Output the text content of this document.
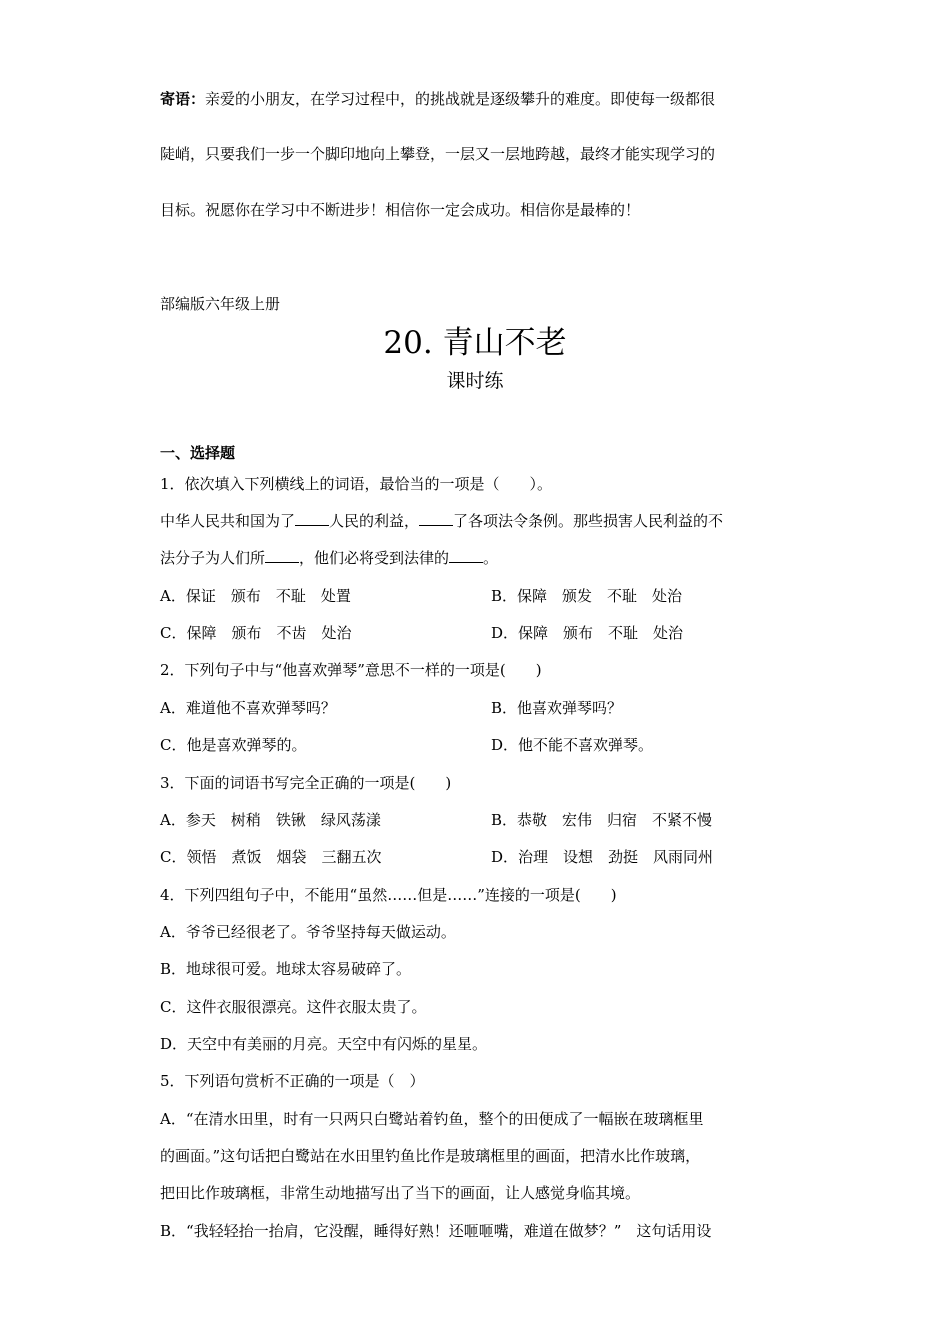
寄语：亲爱的小朋友，在学习过程中，的挑战就是逐级攀升的难度。即使每一级都很
陡峭，只要我们一步一个脚印地向上攀登，一层又一层地跨越，最终才能实现学习的
目标。祝愿你在学习中不断进步！相信你一定会成功。相信你是最棒的！
部编版六年级上册
20. 青山不老
课时练
一、选择题
1．依次填入下列横线上的词语，最恰当的一项是（　　）。
中华人民共和国为了 人民的利益， 了各项法令条例。那些损害人民利益的不
法分子为人们所 ，他们必将受到法律的 。
A．保证　颁布　不耻　处置	B．保障　颁发　不耻　处治
C．保障　颁布　不齿　处治	D．保障　颁布　不耻　处治
2．下列句子中与“他喜欢弹琴”意思不一样的一项是(　　)
A．难道他不喜欢弹琴吗？	B．他喜欢弹琴吗？
C．他是喜欢弹琴的。	D．他不能不喜欢弹琴。
3．下面的词语书写完全正确的一项是(　　)
A．参天　树稍　铁锹　绿风荡漾	B．恭敬　宏伟　归宿　不紧不慢
C．领悟　煮饭　烟袋　三翻五次	D．治理　设想　劲挺　风雨同州
4．下列四组句子中，不能用“虽然……但是……”连接的一项是(　　)
A．爷爷已经很老了。爷爷坚持每天做运动。
B．地球很可爱。地球太容易破碎了。
C．这件衣服很漂亮。这件衣服太贵了。
D．天空中有美丽的月亮。天空中有闪烁的星星。
5．下列语句赏析不正确的一项是（　）
A．“在清水田里，时有一只两只白鹭站着钓鱼，整个的田便成了一幅嵌在玻璃框里
的画面。”这句话把白鹭站在水田里钓鱼比作是玻璃框里的画面，把清水比作玻璃，
把田比作玻璃框，非常生动地描写出了当下的画面，让人感觉身临其境。
B．“我轻轻抬一抬肩，它没醒，睡得好熟！还咂咂嘴，难道在做梦？”　这句话用设
